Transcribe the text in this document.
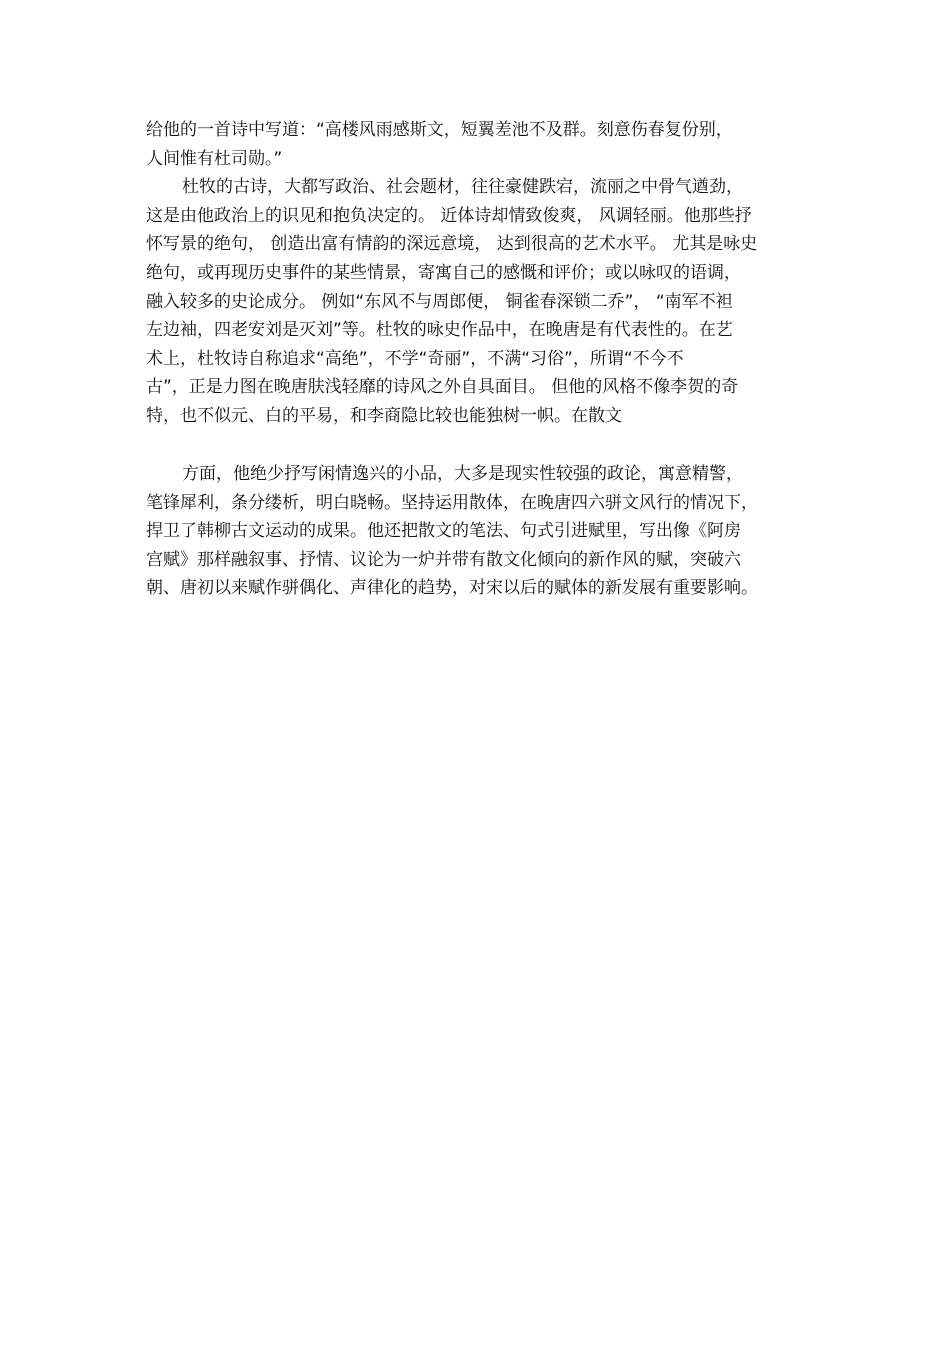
给他的一首诗中写道：“高楼风雨感斯文，短翼差池不及群。刻意伤春复份别，
人间惟有杜司勋。”
杜牧的古诗，大都写政治、社会题材，往往豪健跌宕，流丽之中骨气遒劲，
这是由他政治上的识见和抱负决定的。 近体诗却情致俊爽， 风调轻丽。他那些抒
怀写景的绝句， 创造出富有情韵的深远意境， 达到很高的艺术水平。 尤其是咏史
绝句，或再现历史事件的某些情景，寄寓自己的感慨和评价；或以咏叹的语调，
融入较多的史论成分。 例如“东风不与周郎便， 铜雀春深锁二乔”， “南军不袒
左边袖，四老安刘是灭刘”等。杜牧的咏史作品中，在晚唐是有代表性的。在艺
术上，杜牧诗自称追求“高绝”，不学“奇丽”，不满“习俗”，所谓“不今不
古”，正是力图在晚唐肤浅轻靡的诗风之外自具面目。 但他的风格不像李贺的奇
特，也不似元、白的平易，和李商隐比较也能独树一帜。在散文
方面，他绝少抒写闲情逸兴的小品，大多是现实性较强的政论，寓意精警，
笔锋犀利，条分缕析，明白晓畅。坚持运用散体，在晚唐四六骈文风行的情况下，
捍卫了韩柳古文运动的成果。他还把散文的笔法、句式引进赋里，写出像《阿房
宫赋》那样融叙事、抒情、议论为一炉并带有散文化倾向的新作风的赋，突破六
朝、唐初以来赋作骈偶化、声律化的趋势，对宋以后的赋体的新发展有重要影响。
